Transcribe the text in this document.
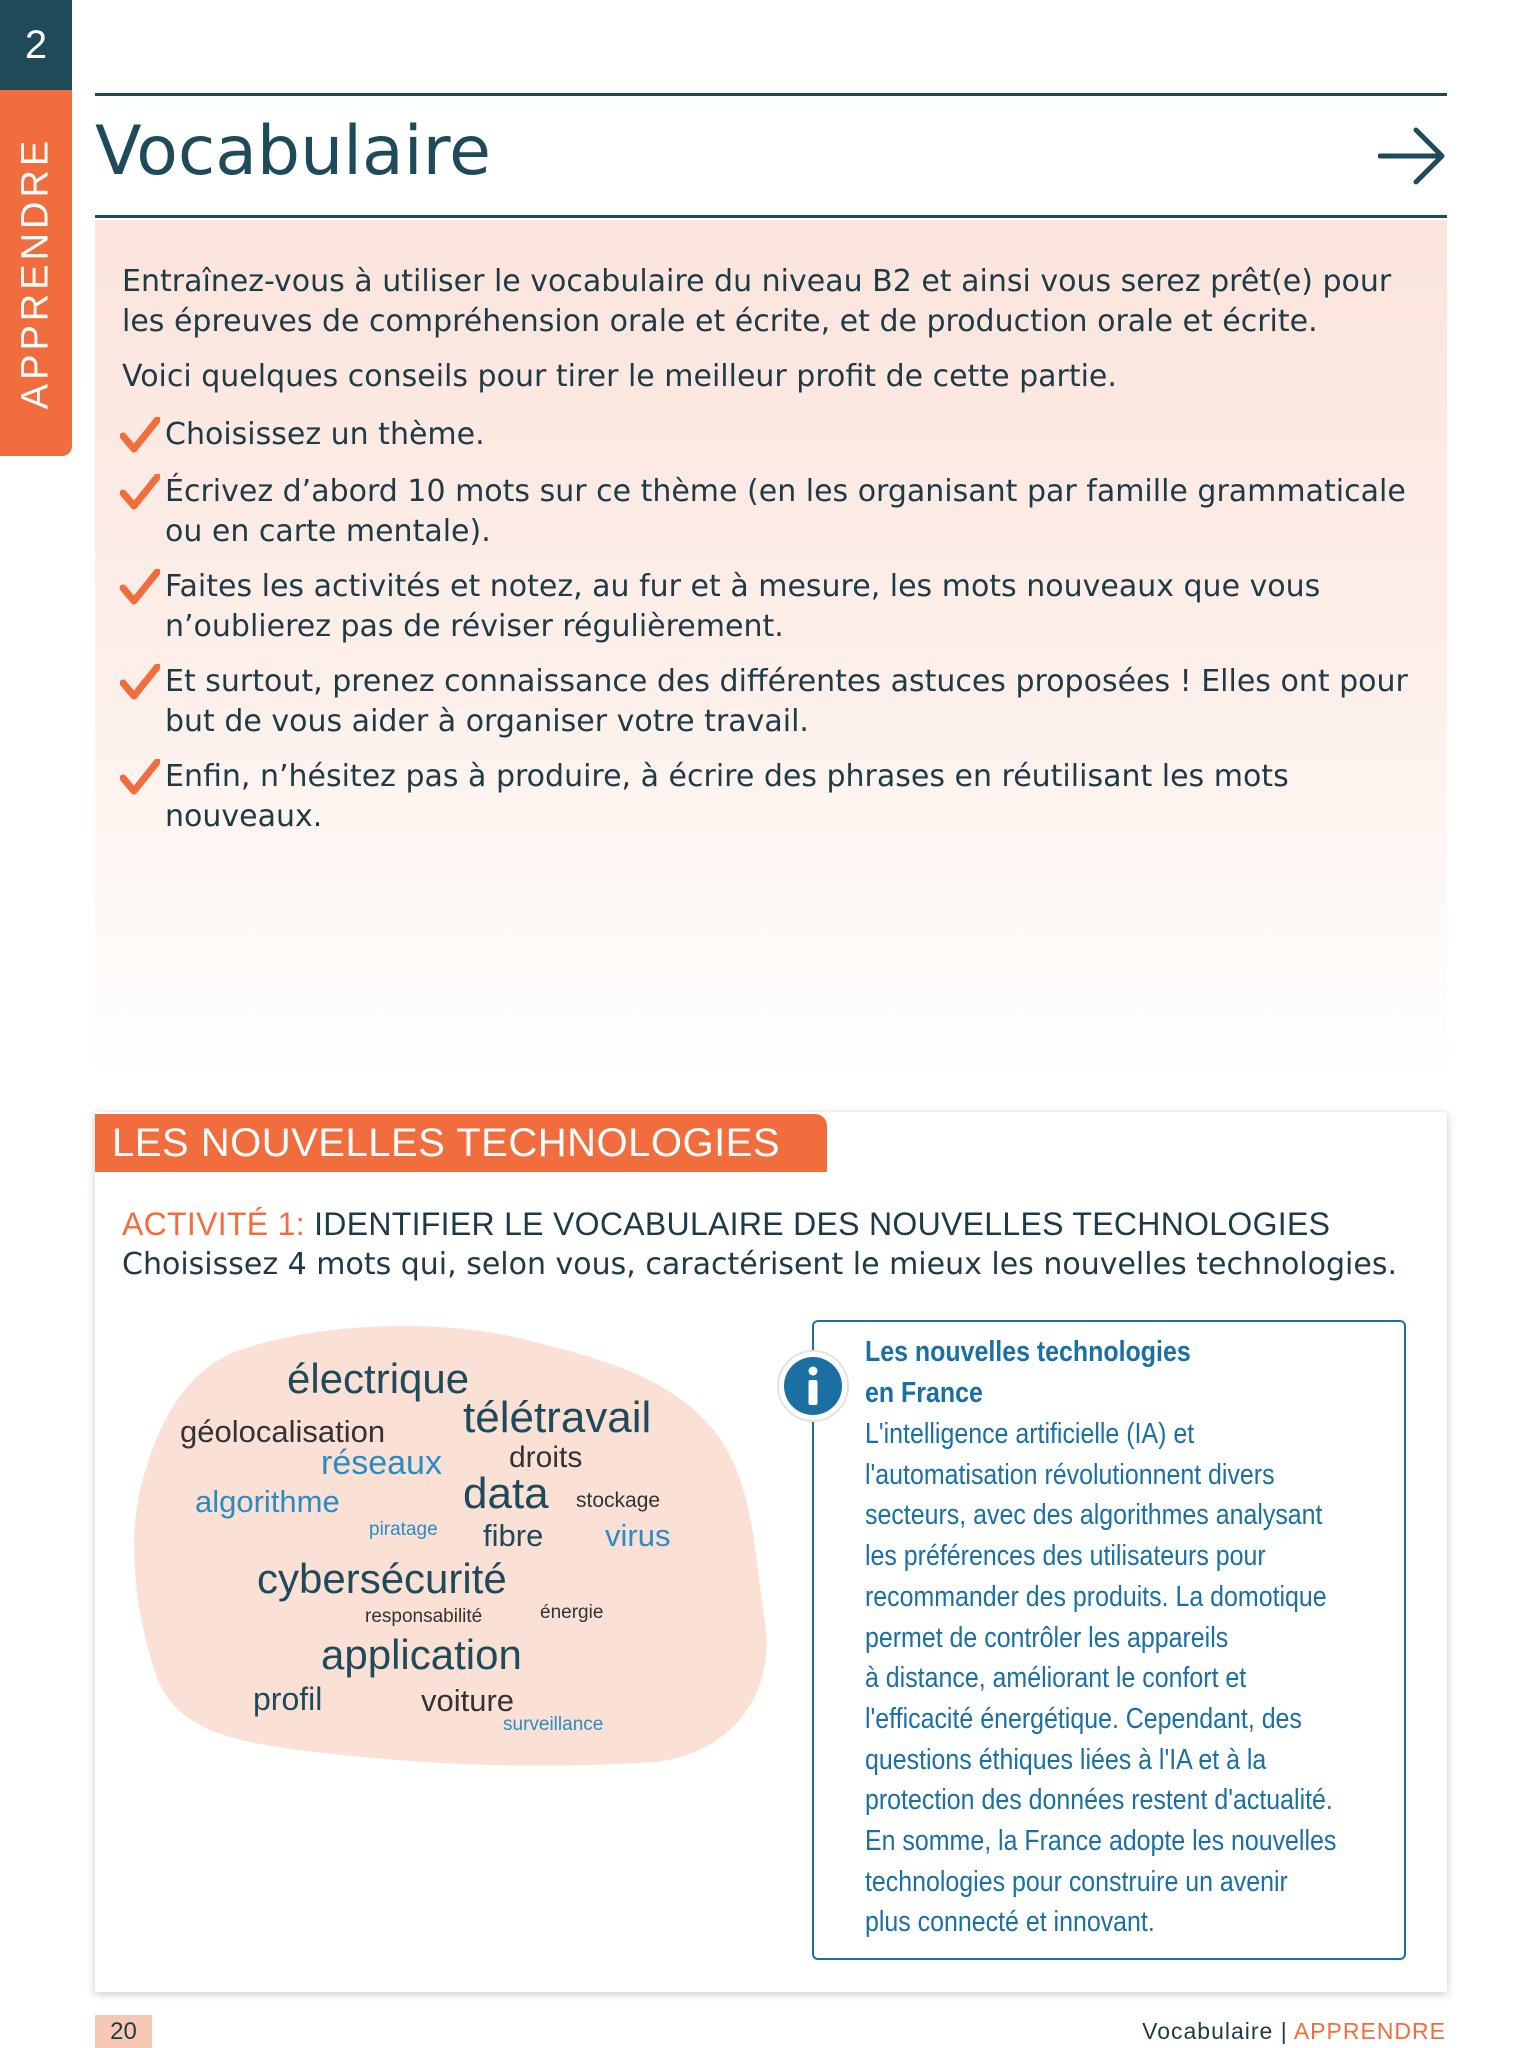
2
APPRENDRE Vocabulaire

Entraînez-vous à utiliser le vocabulaire du niveau B2 et ainsi vous serez prêt(e) pour les épreuves de compréhension orale et écrite, et de production orale et écrite.

Voici quelques conseils pour tirer le meilleur profit de cette partie.

Choisissez un thème.

Écrivez d’abord 10 mots sur ce thème (en les organisant par famille grammaticale ou en carte mentale).

Faites les activités et notez, au fur et à mesure, les mots nouveaux que vous n’oublierez pas de réviser régulièrement.

Et surtout, prenez connaissance des différentes astuces proposées ! Elles ont pour but de vous aider à organiser votre travail.

Enfin, n’hésitez pas à produire, à écrire des phrases en réutilisant les mots nouveaux.

LES NOUVELLES TECHNOLOGIES
ACTIVITÉ 1: IDENTIFIER LE VOCABULAIRE DES NOUVELLES TECHNOLOGIES

Choisissez 4 mots qui, selon vous, caractérisent le mieux les nouvelles technologies.

électrique
géolocalisation télétravail
réseaux droits
algorithme	data stockage
piratage fibre virus
cybersécurité
responsabilité	énergie
application
profil	voiture
surveillance
Les nouvelles technologies
en France
L'intelligence artificielle (IA) et
l'automatisation révolutionnent divers
secteurs, avec des algorithmes analysant
les préférences des utilisateurs pour
recommander des produits. La domotique
permet de contrôler les appareils
à distance, améliorant le confort et
l'efficacité énergétique. Cependant, des
questions éthiques liées à l'IA et à la
protection des données restent d'actualité.
En somme, la France adopte les nouvelles
technologies pour construire un avenir
plus connecté et innovant.
20	Vocabulaire | APPRENDRE
